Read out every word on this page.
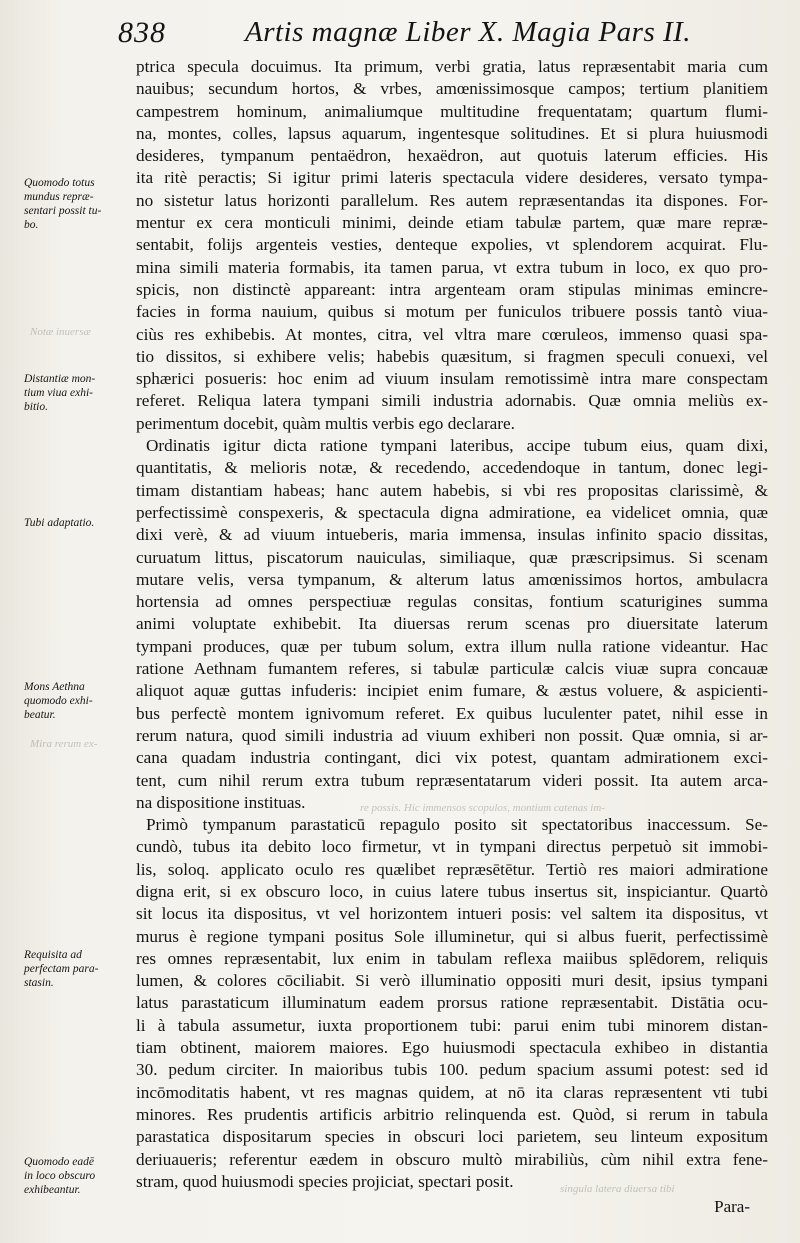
838	Artis magnæ Liber X. Magia Pars II.
Quomodo totus
mundus repræ-
sentari possit tu-
bo.
Distantiæ mon-
tium viua exhi-
bitio.
Tubi adaptatio.
Mons Aethna
quomodo exhi-
beatur.
Requisita ad
perfectam para-
stasin.
Quomodo eadē
in loco obscuro
exhibeantur.
Notæ inuersæ
Mira rerum ex-
re possis. Hic immensos scopulos, montium catenas im-
singula latera diuersa tibi
ptrica specula docuimus. Ita primum, verbi gratia, latus repræsentabit maria cum
nauibus; secundum hortos, & vrbes, amœnissimosque campos; tertium planitiem
campestrem hominum, animaliumque multitudine frequentatam; quartum flumi-
na, montes, colles, lapsus aquarum, ingentesque solitudines. Et si plura huiusmodi
desideres, tympanum pentaëdron, hexaëdron, aut quotuis laterum efficies. His
ita ritè peractis; Si igitur primi lateris spectacula videre desideres, versato tympa-
no sistetur latus horizonti parallelum. Res autem repræsentandas ita dispones. For-
mentur ex cera monticuli minimi, deinde etiam tabulæ partem, quæ mare repræ-
sentabit, folijs argenteis vesties, denteque expolies, vt splendorem acquirat. Flu-
mina simili materia formabis, ita tamen parua, vt extra tubum in loco, ex quo pro-
spicis, non distinctè appareant: intra argenteam oram stipulas minimas emincre-
facies in forma nauium, quibus si motum per funiculos tribuere possis tantò viua-
ciùs res exhibebis. At montes, citra, vel vltra mare cœruleos, immenso quasi spa-
tio dissitos, si exhibere velis; habebis quæsitum, si fragmen speculi conuexi, vel
sphærici posueris: hoc enim ad viuum insulam remotissimè intra mare conspectam
referet. Reliqua latera tympani simili industria adornabis. Quæ omnia meliùs ex-
perimentum docebit, quàm multis verbis ego declarare.
Ordinatis igitur dicta ratione tympani lateribus, accipe tubum eius, quam dixi,
quantitatis, & melioris notæ, & recedendo, accedendoque in tantum, donec legi-
timam distantiam habeas; hanc autem habebis, si vbi res propositas clarissimè, &
perfectissimè conspexeris, & spectacula digna admiratione, ea videlicet omnia, quæ
dixi verè, & ad viuum intueberis, maria immensa, insulas infinito spacio dissitas,
curuatum littus, piscatorum nauiculas, similiaque, quæ præscripsimus. Si scenam
mutare velis, versa tympanum, & alterum latus amœnissimos hortos, ambulacra
hortensia ad omnes perspectiuæ regulas consitas, fontium scaturigines summa
animi voluptate exhibebit. Ita diuersas rerum scenas pro diuersitate laterum
tympani produces, quæ per tubum solum, extra illum nulla ratione videantur. Hac
ratione Aethnam fumantem referes, si tabulæ particulæ calcis viuæ supra concauæ
aliquot aquæ guttas infuderis: incipiet enim fumare, & æstus voluere, & aspicienti-
bus perfectè montem ignivomum referet. Ex quibus luculenter patet, nihil esse in
rerum natura, quod simili industria ad viuum exhiberi non possit. Quæ omnia, si ar-
cana quadam industria contingant, dici vix potest, quantam admirationem exci-
tent, cum nihil rerum extra tubum repræsentatarum videri possit. Ita autem arca-
na dispositione instituas.
Primò tympanum parastaticū repagulo posito sit spectatoribus inaccessum. Se-
cundò, tubus ita debito loco firmetur, vt in tympani directus perpetuò sit immobi-
lis, soloq. applicato oculo res quælibet repræsētētur. Tertiò res maiori admiratione
digna erit, si ex obscuro loco, in cuius latere tubus insertus sit, inspiciantur. Quartò
sit locus ita dispositus, vt vel horizontem intueri posis: vel saltem ita dispositus, vt
murus è regione tympani positus Sole illuminetur, qui si albus fuerit, perfectissimè
res omnes repræsentabit, lux enim in tabulam reflexa maiibus splēdorem, reliquis
lumen, & colores cōciliabit. Si verò illuminatio oppositi muri desit, ipsius tympani
latus parastaticum illuminatum eadem prorsus ratione repræsentabit. Distātia ocu-
li à tabula assumetur, iuxta proportionem tubi: parui enim tubi minorem distan-
tiam obtinent, maiorem maiores. Ego huiusmodi spectacula exhibeo in distantia
30. pedum circiter. In maioribus tubis 100. pedum spacium assumi potest: sed id
incōmoditatis habent, vt res magnas quidem, at nō ita claras repræsentent vti tubi
minores. Res prudentis artificis arbitrio relinquenda est. Quòd, si rerum in tabula
parastatica dispositarum species in obscuri loci parietem, seu linteum expositum
deriuaueris; referentur eædem in obscuro multò mirabiliùs, cùm nihil extra fene-
stram, quod huiusmodi species projiciat, spectari posit.
Para-
